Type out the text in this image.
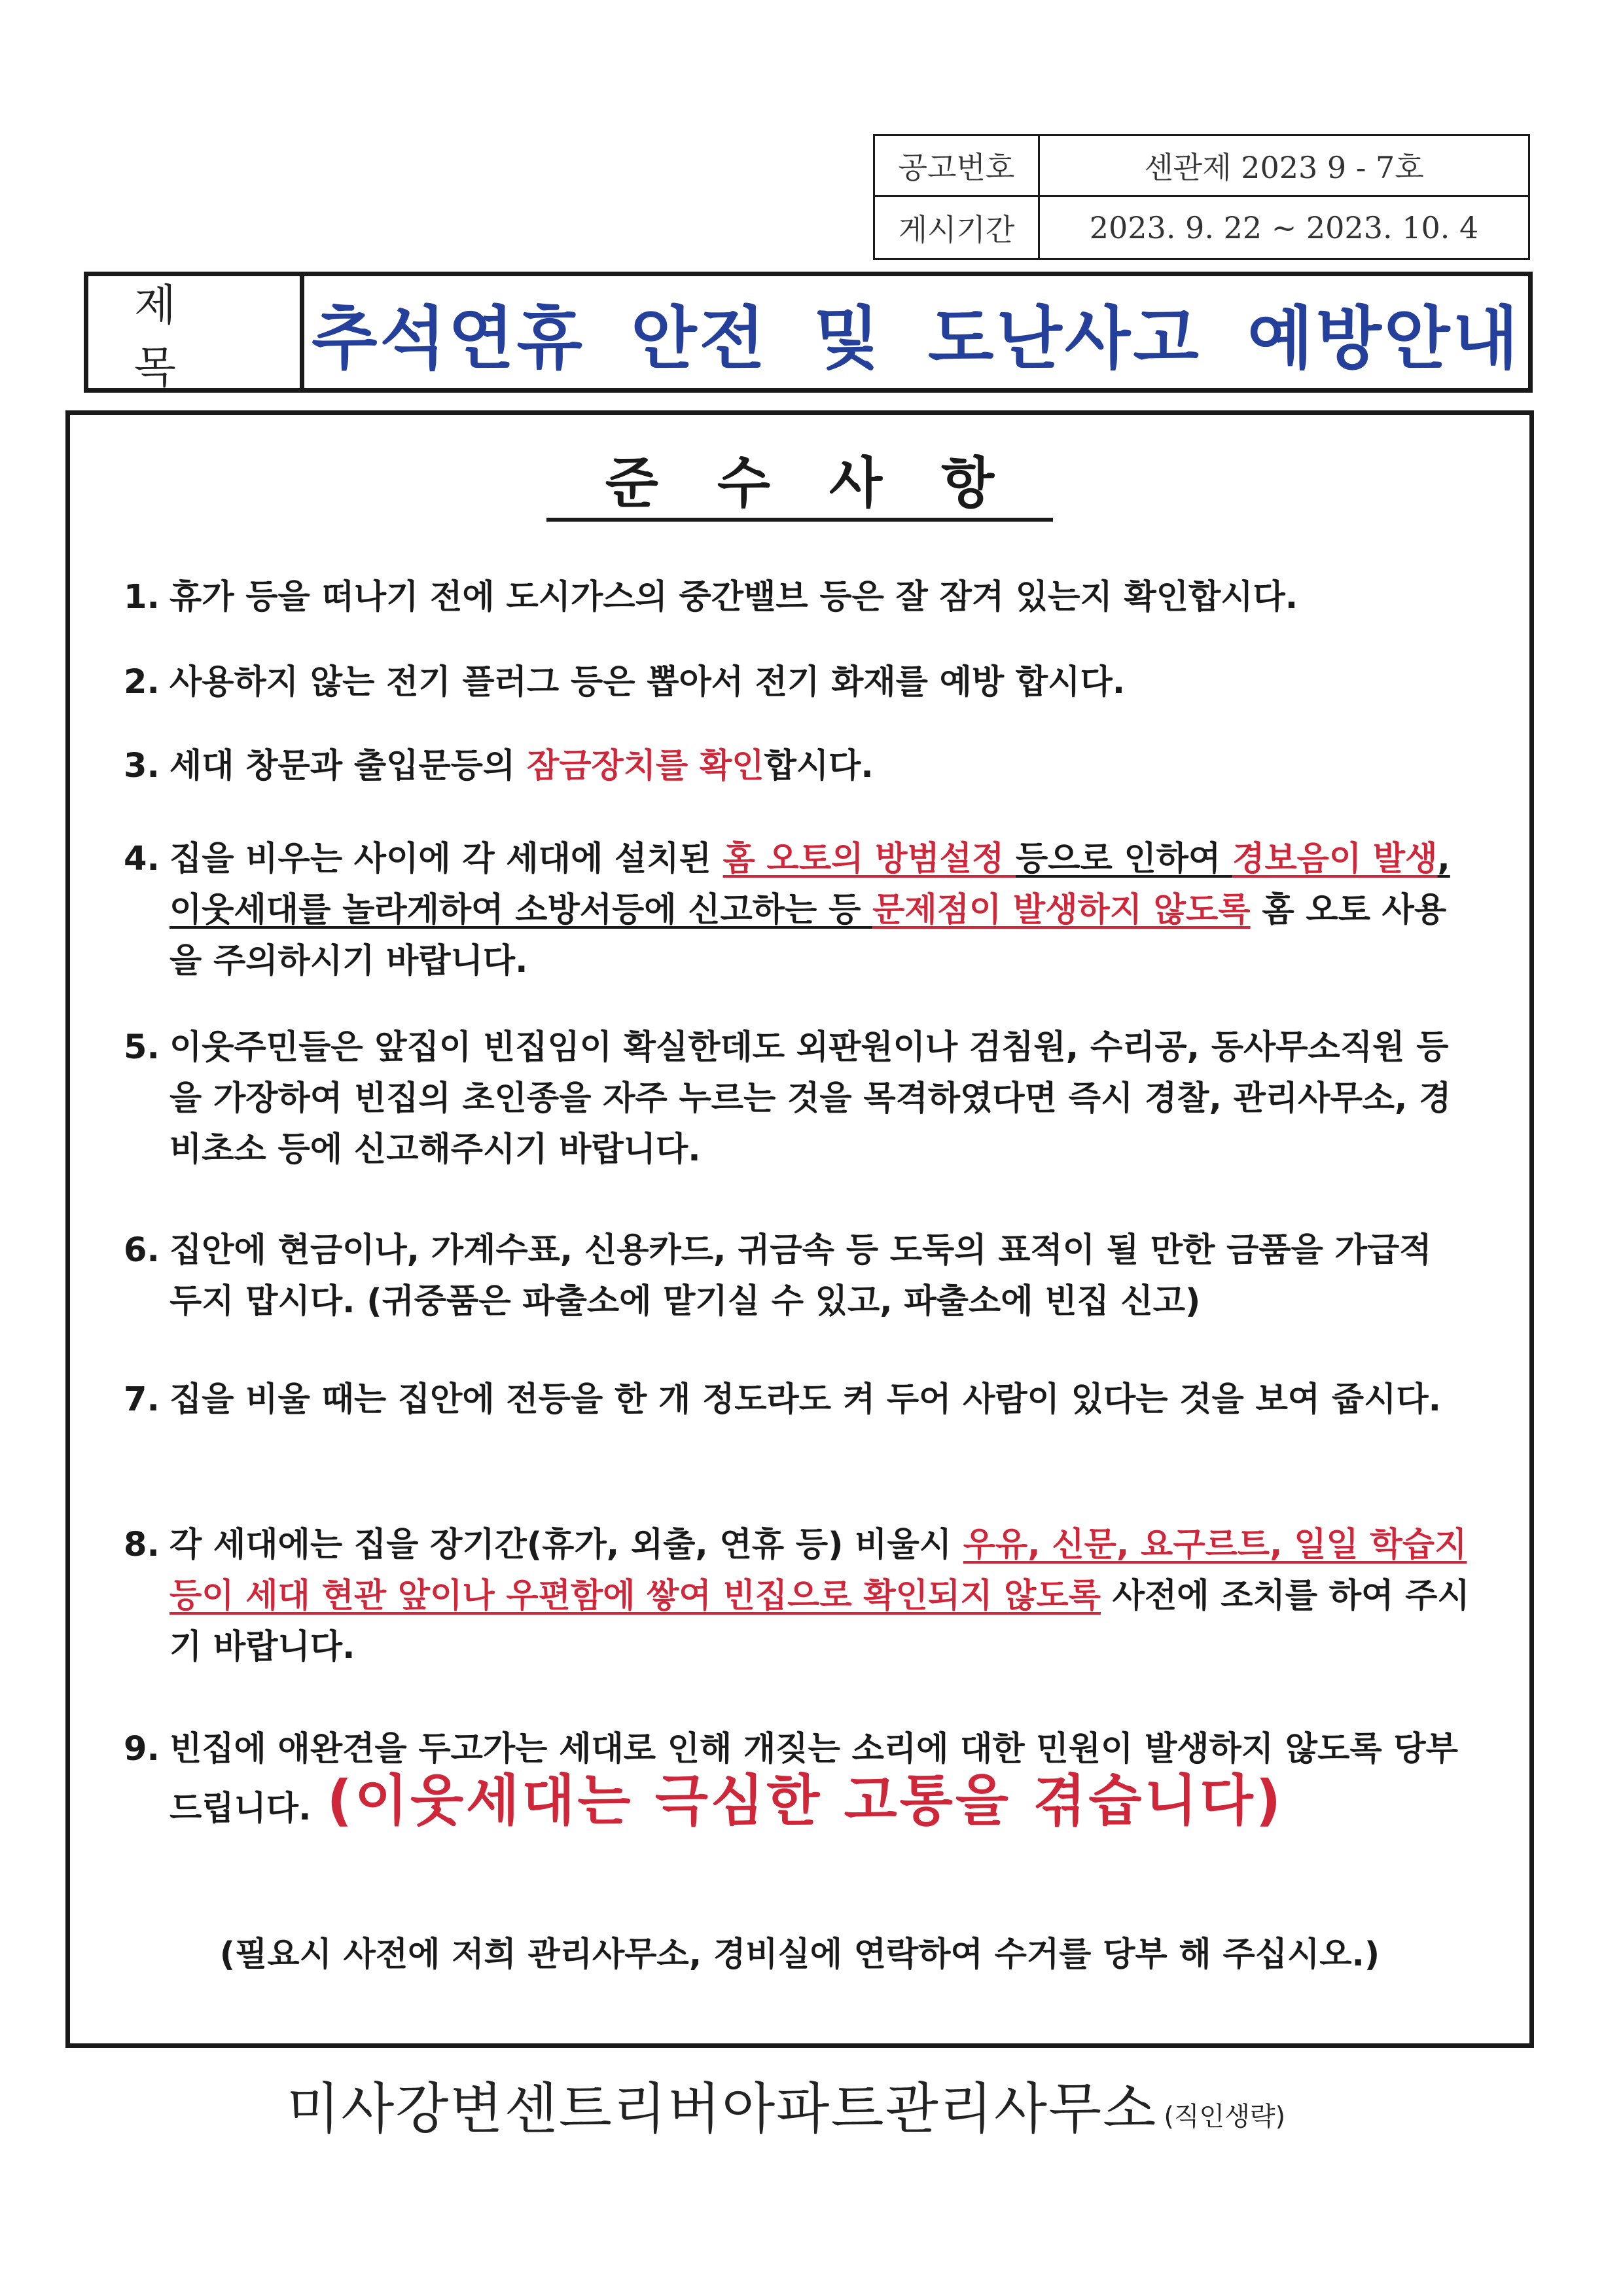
공고번호	센관제 2023 9 - 7호
게시기간	2023. 9. 22 ~ 2023. 10. 4
제목	추석연휴 안전 및 도난사고 예방안내
준수사항
1. 휴가 등을 떠나기 전에 도시가스의 중간밸브 등은 잘 잠겨 있는지 확인합시다.
2. 사용하지 않는 전기 플러그 등은 뽑아서 전기 화재를 예방 합시다.
3. 세대 창문과 출입문등의 잠금장치를 확인합시다.
4. 집을 비우는 사이에 각 세대에 설치된 홈 오토의 방범설정 등으로 인하여 경보음이 발생, 이웃세대를 놀라게하여 소방서등에 신고하는 등 문제점이 발생하지 않도록 홈 오토 사용을 주의하시기 바랍니다.
5. 이웃주민들은 앞집이 빈집임이 확실한데도 외판원이나 검침원, 수리공, 동사무소직원 등을 가장하여 빈집의 초인종을 자주 누르는 것을 목격하였다면 즉시 경찰, 관리사무소, 경비초소 등에 신고해주시기 바랍니다.
6. 집안에 현금이나, 가계수표, 신용카드, 귀금속 등 도둑의 표적이 될 만한 금품을 가급적 두지 맙시다. (귀중품은 파출소에 맡기실 수 있고, 파출소에 빈집 신고)
7. 집을 비울 때는 집안에 전등을 한 개 정도라도 켜 두어 사람이 있다는 것을 보여 줍시다.
8. 각 세대에는 집을 장기간(휴가, 외출, 연휴 등) 비울시 우유, 신문, 요구르트, 일일 학습지등이 세대 현관 앞이나 우편함에 쌓여 빈집으로 확인되지 않도록 사전에 조치를 하여 주시기 바랍니다.
9. 빈집에 애완견을 두고가는 세대로 인해 개짖는 소리에 대한 민원이 발생하지 않도록 당부드립니다. (이웃세대는 극심한 고통을 겪습니다)
(필요시 사전에 저희 관리사무소, 경비실에 연락하여 수거를 당부 해 주십시오.)
미사강변센트리버아파트관리사무소 (직인생략)
